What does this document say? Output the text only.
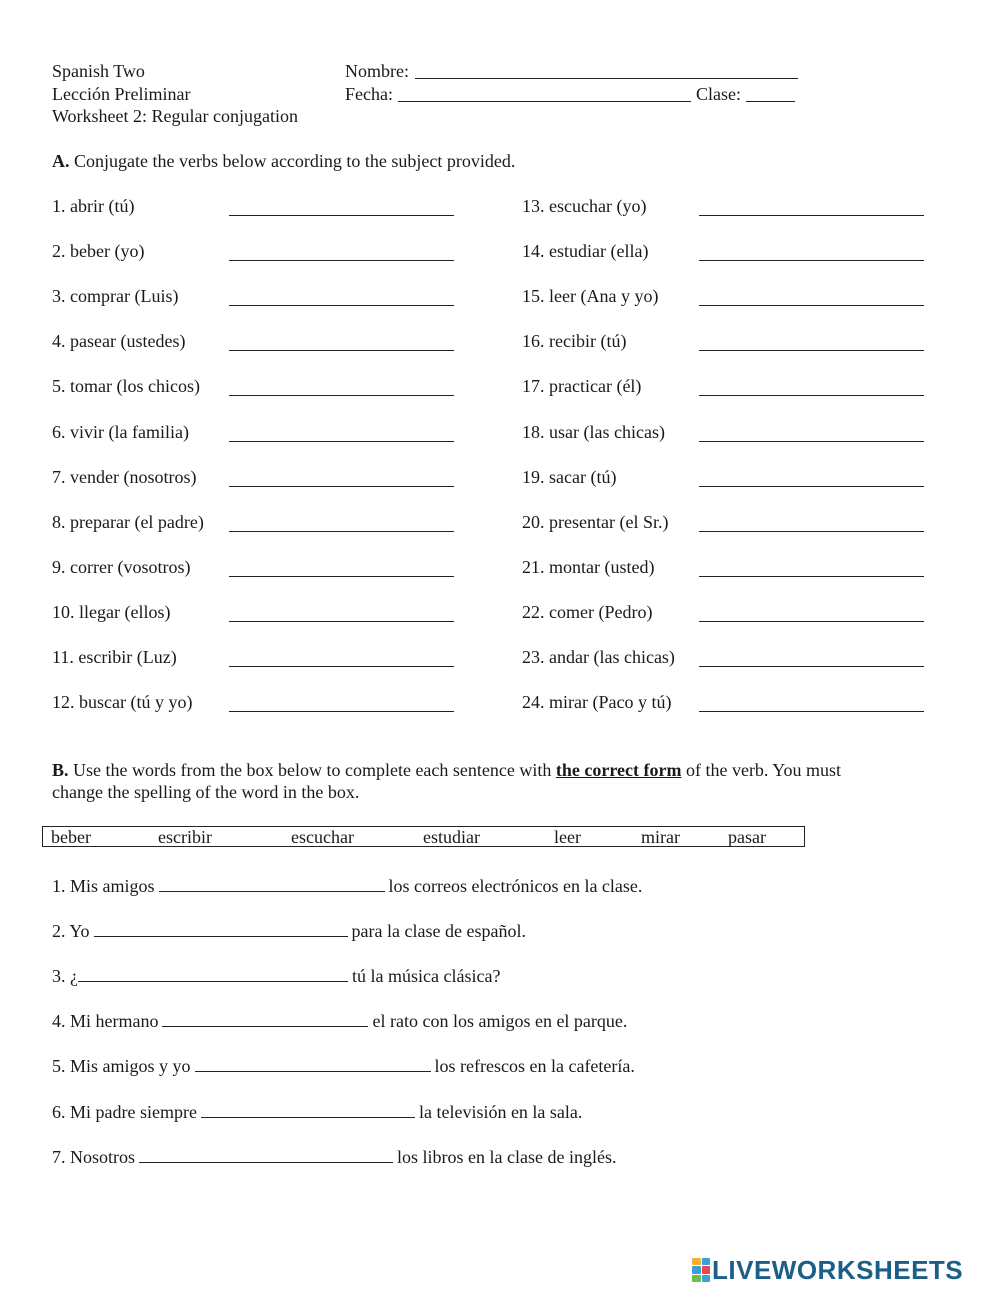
Spanish Two
Lección Preliminar
Worksheet 2: Regular conjugation
Nombre:
Fecha:	Clase:
A. Conjugate the verbs below according to the subject provided.
1. abrir (tú)
2. beber (yo)
3. comprar (Luis)
4. pasear (ustedes)
5. tomar (los chicos)
6. vivir (la familia)
7. vender (nosotros)
8. preparar (el padre)
9. correr (vosotros)
10. llegar (ellos)
11. escribir (Luz)
12. buscar (tú y yo)
13. escuchar (yo)
14. estudiar (ella)
15. leer (Ana y yo)
16. recibir (tú)
17. practicar (él)
18. usar (las chicas)
19. sacar (tú)
20. presentar (el Sr.)
21. montar (usted)
22. comer (Pedro)
23. andar (las chicas)
24. mirar (Paco y tú)
B. Use the words from the box below to complete each sentence with the correct form of the verb. You must
change the spelling of the word in the box.
beber	escribir	escuchar	estudiar	leer	mirar	pasar
1. Mis amigos	los correos electrónicos en la clase.
2. Yo	para la clase de español.
3. ¿	tú la música clásica?
4. Mi hermano	el rato con los amigos en el parque.
5. Mis amigos y yo	los refrescos en la cafetería.
6. Mi padre siempre	la televisión en la sala.
7. Nosotros	los libros en la clase de inglés.
LIVEWORKSHEETS
